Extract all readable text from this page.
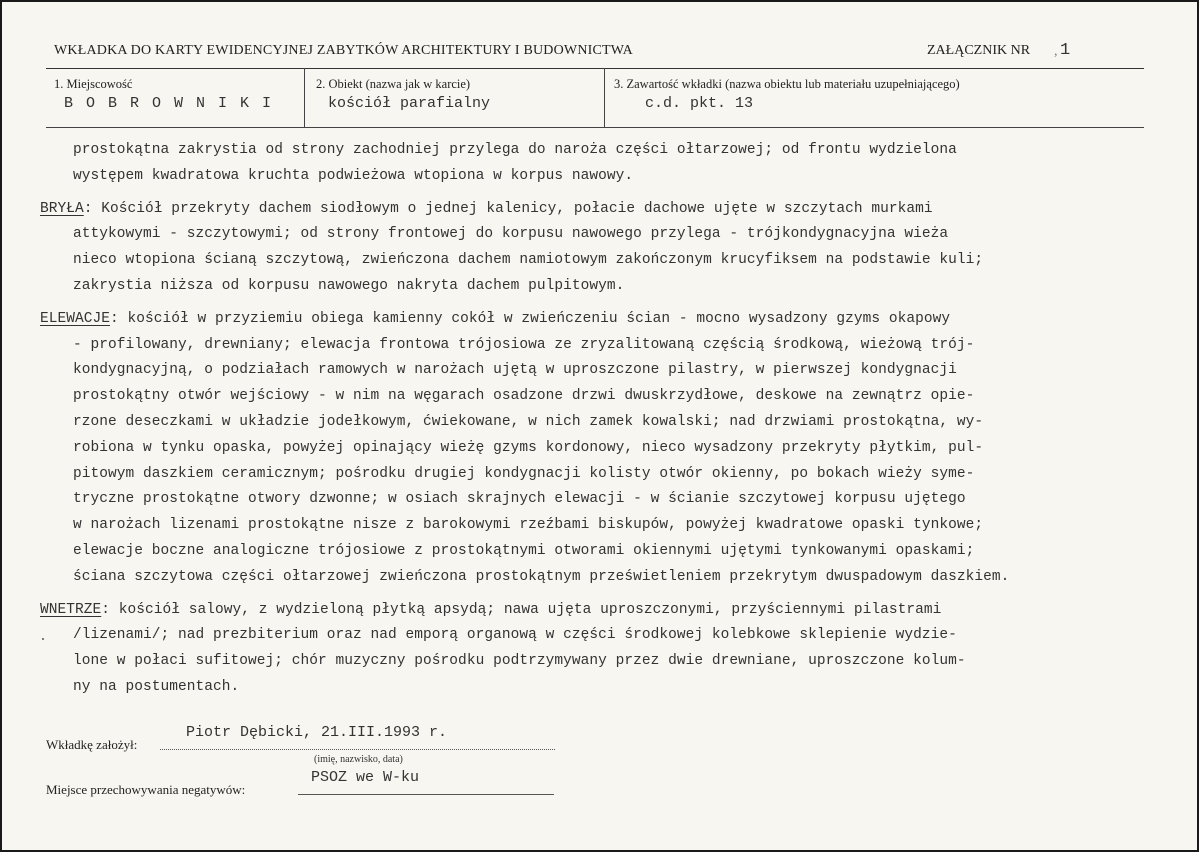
WKŁADKA DO KARTY EWIDENCYJNEJ ZABYTKÓW ARCHITEKTURY I BUDOWNICTWA	ZAŁĄCZNIK NR , 1
1. Miejscowość
B O B R O W N I K I
2. Obiekt (nazwa jak w karcie)
kościół parafialny
3. Zawartość wkładki (nazwa obiektu lub materiału uzupełniającego)
c.d. pkt. 13
prostokątna zakrystia od strony zachodniej przylega do naroża części ołtarzowej; od frontu wydzielona
występem kwadratowa kruchta podwieżowa wtopiona w korpus nawowy.
BRYŁA: Kościół przekryty dachem siodłowym o jednej kalenicy, połacie dachowe ujęte w szczytach murkami
attykowymi - szczytowymi; od strony frontowej do korpusu nawowego przylega - trójkondygnacyjna wieża
nieco wtopiona ścianą szczytową, zwieńczona dachem namiotowym zakończonym krucyfiksem na podstawie kuli;
zakrystia niższa od korpusu nawowego nakryta dachem pulpitowym.
ELEWACJE: kościół w przyziemiu obiega kamienny cokół w zwieńczeniu ścian - mocno wysadzony gzyms okapowy
- profilowany, drewniany; elewacja frontowa trójosiowa ze zryzalitowaną częścią środkową, wieżową trój-
kondygnacyjną, o podziałach ramowych w narożach ujętą w uproszczone pilastry, w pierwszej kondygnacji
prostokątny otwór wejściowy - w nim na węgarach osadzone drzwi dwuskrzydłowe, deskowe na zewnątrz opie-
rzone deseczkami w układzie jodełkowym, ćwiekowane, w nich zamek kowalski; nad drzwiami prostokątna, wy-
robiona w tynku opaska, powyżej opinający wieżę gzyms kordonowy, nieco wysadzony przekryty płytkim, pul-
pitowym daszkiem ceramicznym; pośrodku drugiej kondygnacji kolisty otwór okienny, po bokach wieży syme-
tryczne prostokątne otwory dzwonne; w osiach skrajnych elewacji - w ścianie szczytowej korpusu ujętego
w narożach lizenami prostokątne nisze z barokowymi rzeźbami biskupów, powyżej kwadratowe opaski tynkowe;
elewacje boczne analogiczne trójosiowe z prostokątnymi otworami okiennymi ujętymi tynkowanymi opaskami;
ściana szczytowa części ołtarzowej zwieńczona prostokątnym prześwietleniem przekrytym dwuspadowym daszkiem.
WNETRZE: kościół salowy, z wydzieloną płytką apsydą; nawa ujęta uproszczonymi, przyściennymi pilastrami
/lizenami/; nad prezbiterium oraz nad emporą organową w części środkowej kolebkowe sklepienie wydzie-
lone w połaci sufitowej; chór muzyczny pośrodku podtrzymywany przez dwie drewniane, uproszczone kolum-
ny na postumentach.
Wkładkę założył:
Piotr Dębicki, 21.III.1993 r.
(imię, nazwisko, data)
Miejsce przechowywania negatywów:
PSOZ we W-ku
